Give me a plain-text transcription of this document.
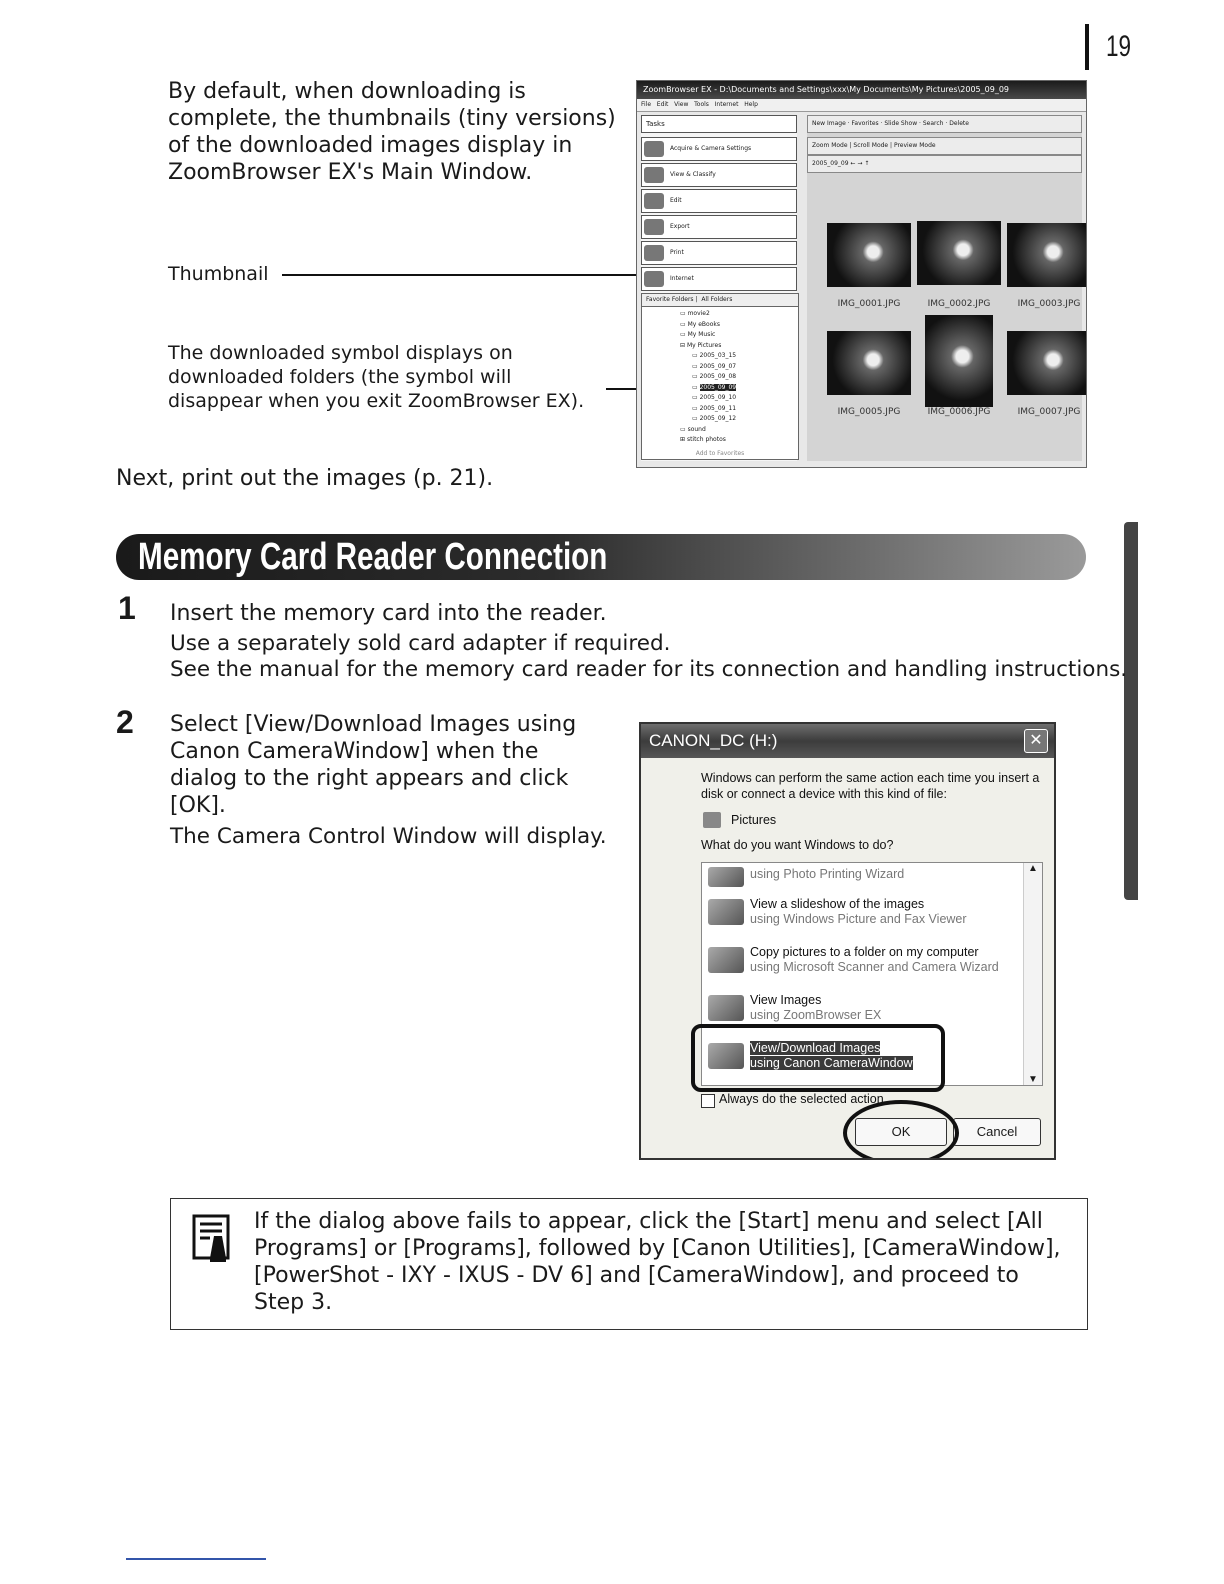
19
By default, when downloading is complete, the thumbnails (tiny versions) of the downloaded images display in ZoomBrowser EX's Main Window.
Thumbnail
The downloaded symbol displays on downloaded folders (the symbol will disappear when you exit ZoomBrowser EX).
ZoomBrowser EX - D:\Documents and Settings\xxx\My Documents\My Pictures\2005_09_09
File Edit View Tools Internet Help
Tasks
Acquire & Camera Settings
View & Classify
Edit
Export
Print
Internet
Favorite Folders |  All Folders
▭ movie2
▭ My eBooks
▭ My Music
⊟ My Pictures
▭ 2005_03_15
▭ 2005_09_07
▭ 2005_09_08
▭ 2005_09_09
▭ 2005_09_10
▭ 2005_09_11
▭ 2005_09_12
▭ sound
⊞ stitch photos
Add to Favorites
New Image · Favorites · Slide Show · Search · Delete
Zoom Mode | Scroll Mode | Preview Mode
2005_09_09 ← → ↑
IMG_0001.JPG	IMG_0002.JPG	IMG_0003.JPG
IMG_0005.JPG	IMG_0006.JPG	IMG_0007.JPG
Next, print out the images (p. 21).
Memory Card Reader Connection
1 Insert the memory card into the reader.
Use a separately sold card adapter if required.
See the manual for the memory card reader for its connection and handling instructions.
2 Select [View/Download Images using Canon CameraWindow] when the dialog to the right appears and click [OK].
The Camera Control Window will display.
CANON_DC (H:)	✕
Windows can perform the same action each time you insert a disk or connect a device with this kind of file:
Pictures
What do you want Windows to do?
using Photo Printing Wizard
View a slideshow of the images
using Windows Picture and Fax Viewer
Copy pictures to a folder on my computer
using Microsoft Scanner and Camera Wizard
View Images
using ZoomBrowser EX
View/Download Images
using Canon CameraWindow
▲
▼
Always do the selected action
OK	Cancel
If the dialog above fails to appear, click the [Start] menu and select [All Programs] or [Programs], followed by [Canon Utilities], [CameraWindow], [PowerShot - IXY - IXUS - DV 6] and [CameraWindow], and proceed to Step 3.
